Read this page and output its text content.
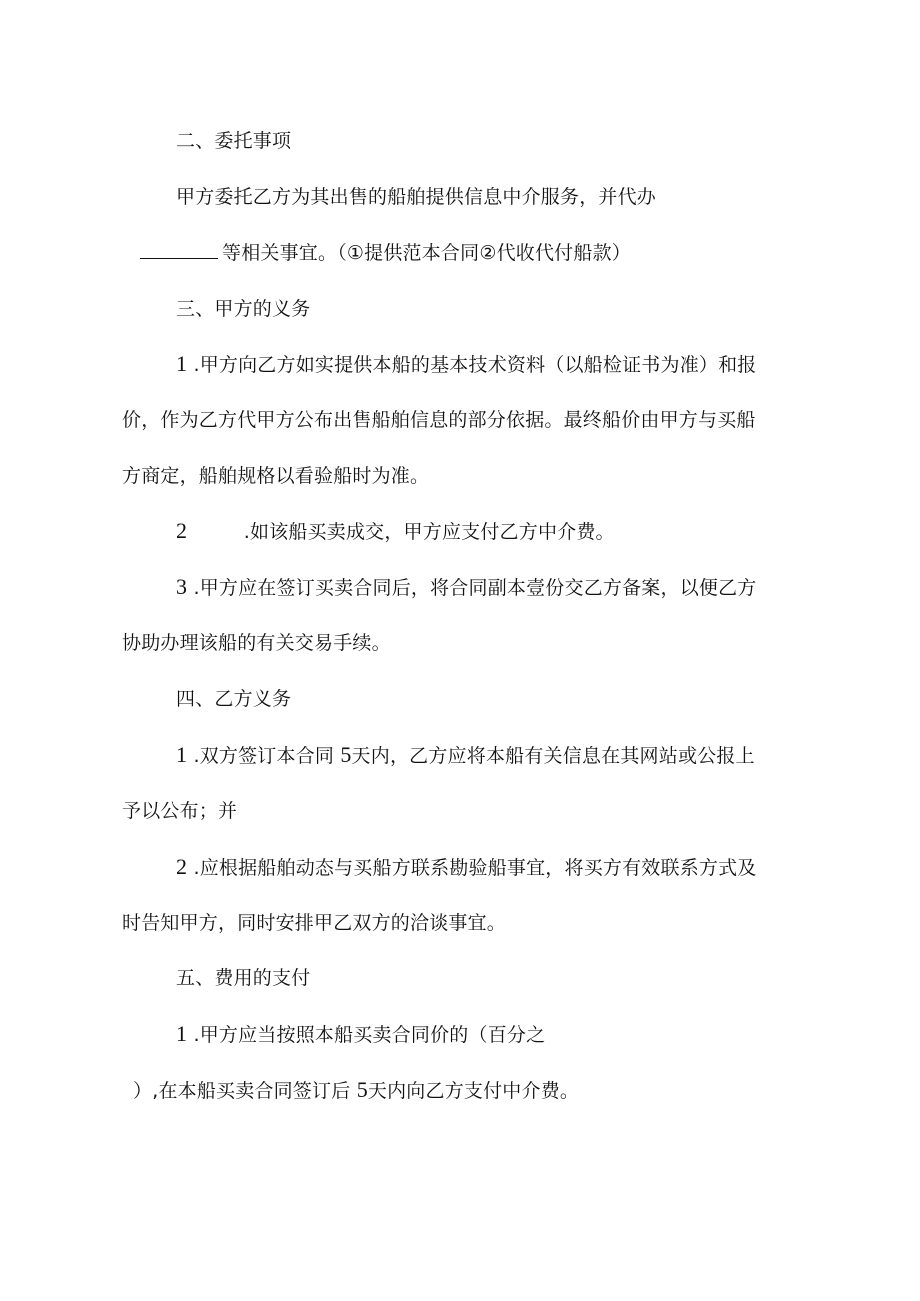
二、委托事项
甲方委托乙方为其出售的船舶提供信息中介服务，并代办
等相关事宜。（①提供范本合同②代收代付船款）
三、甲方的义务
1 .甲方向乙方如实提供本船的基本技术资料（以船检证书为准）和报
价，作为乙方代甲方公布出售船舶信息的部分依据。最终船价由甲方与买船
方商定，船舶规格以看验船时为准。
2	.如该船买卖成交，甲方应支付乙方中介费。
3 .甲方应在签订买卖合同后，将合同副本壹份交乙方备案，以便乙方
协助办理该船的有关交易手续。
四、乙方义务
1 .双方签订本合同 5天内，乙方应将本船有关信息在其网站或公报上
予以公布；并
2 .应根据船舶动态与买船方联系勘验船事宜，将买方有效联系方式及
时告知甲方，同时安排甲乙双方的洽谈事宜。
五、费用的支付
1 .甲方应当按照本船买卖合同价的（百分之
）,在本船买卖合同签订后 5天内向乙方支付中介费。
